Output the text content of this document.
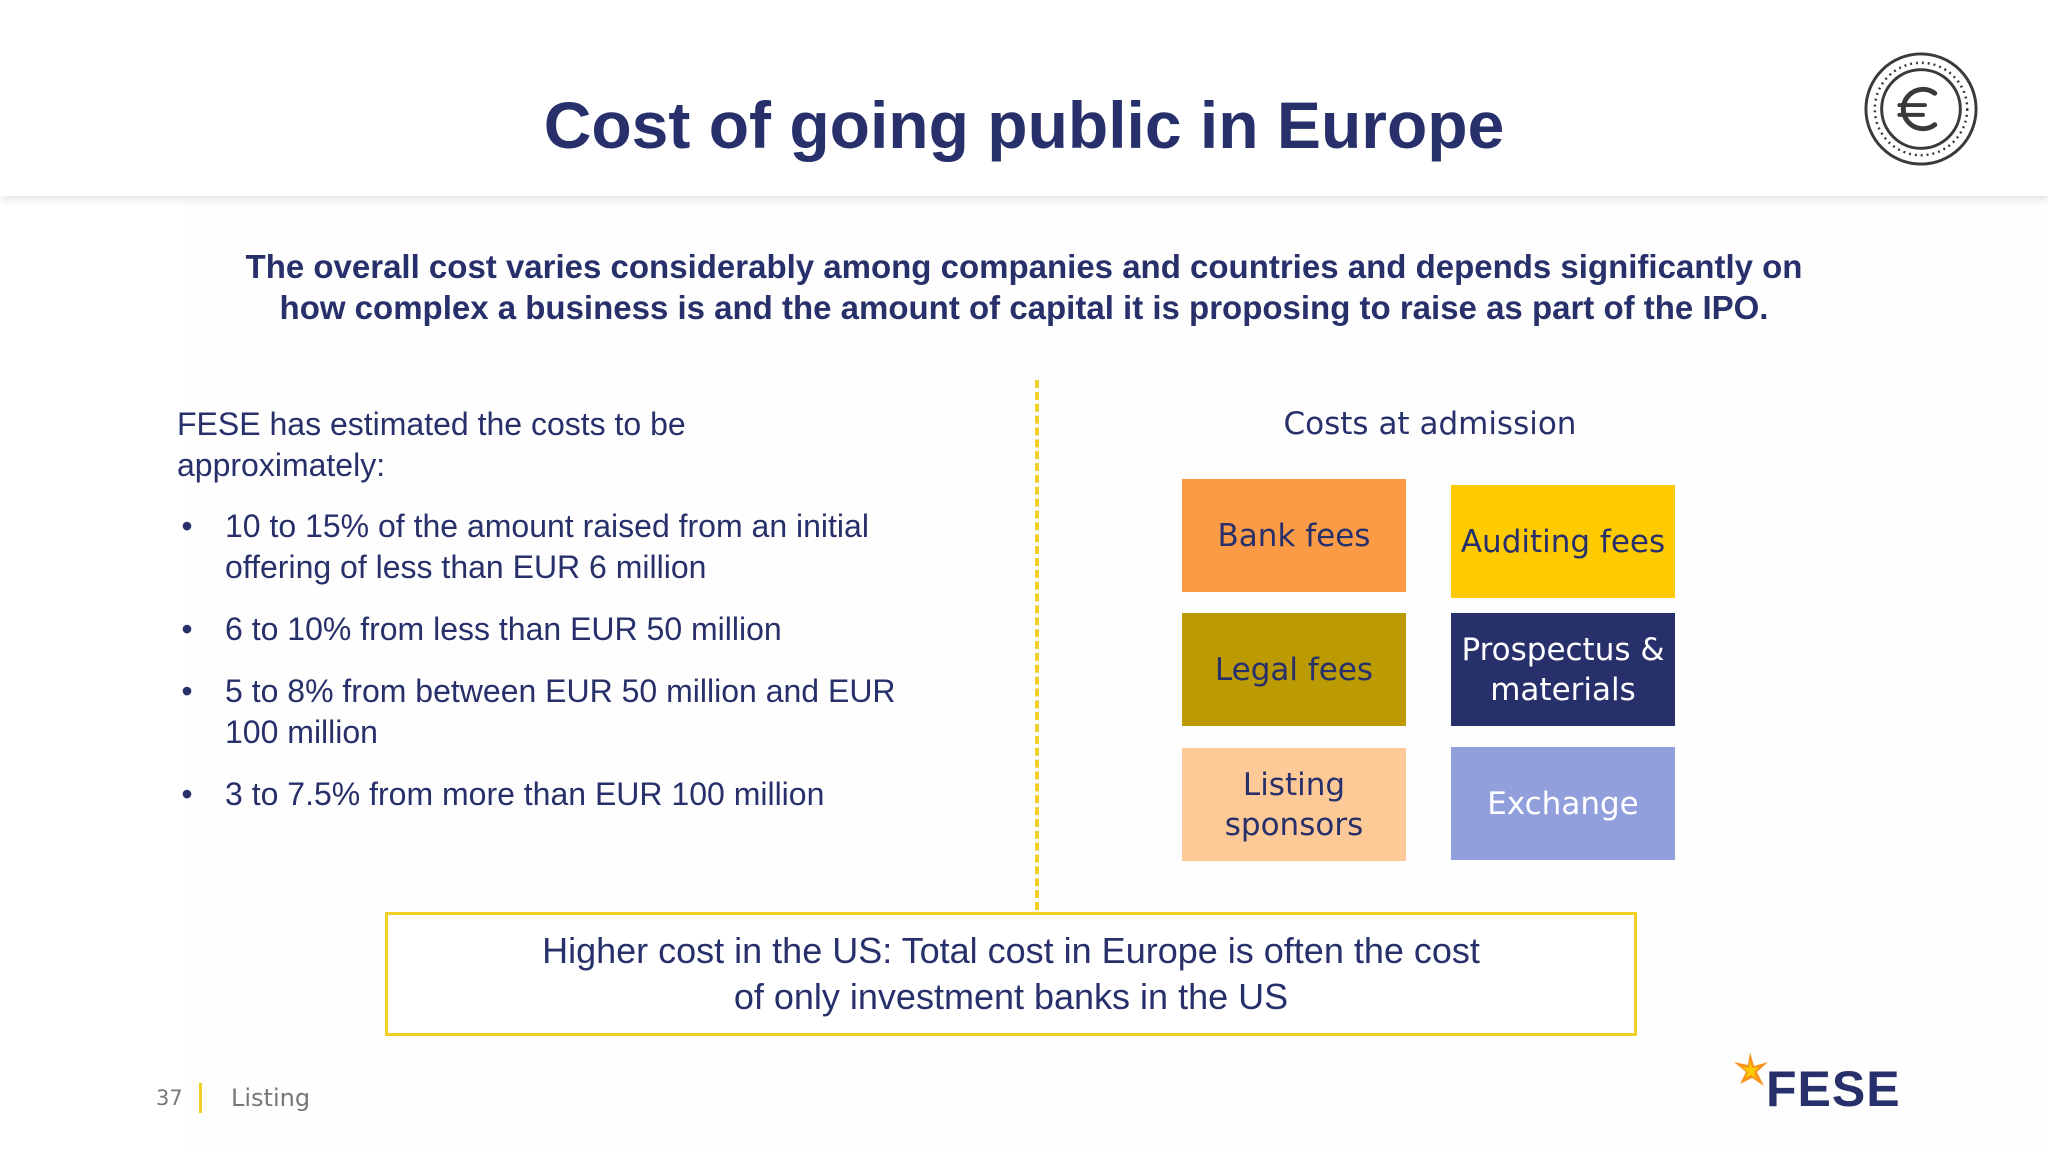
Cost of going public in Europe
The overall cost varies considerably among companies and countries and depends significantly on
how complex a business is and the amount of capital it is proposing to raise as part of the IPO.
FESE has estimated the costs to be approximately:
• 10 to 15% of the amount raised from an initial offering of less than EUR 6 million
• 6 to 10% from less than EUR 50 million
• 5 to 8% from between EUR 50 million and EUR 100 million
• 3 to 7.5% from more than EUR 100 million
Costs at admission
Bank fees	Auditing fees
Legal fees
Prospectus & materials
Listing sponsors
Exchange
Higher cost in the US: Total cost in Europe is often the cost of only investment banks in the US
37 Listing	FESE
